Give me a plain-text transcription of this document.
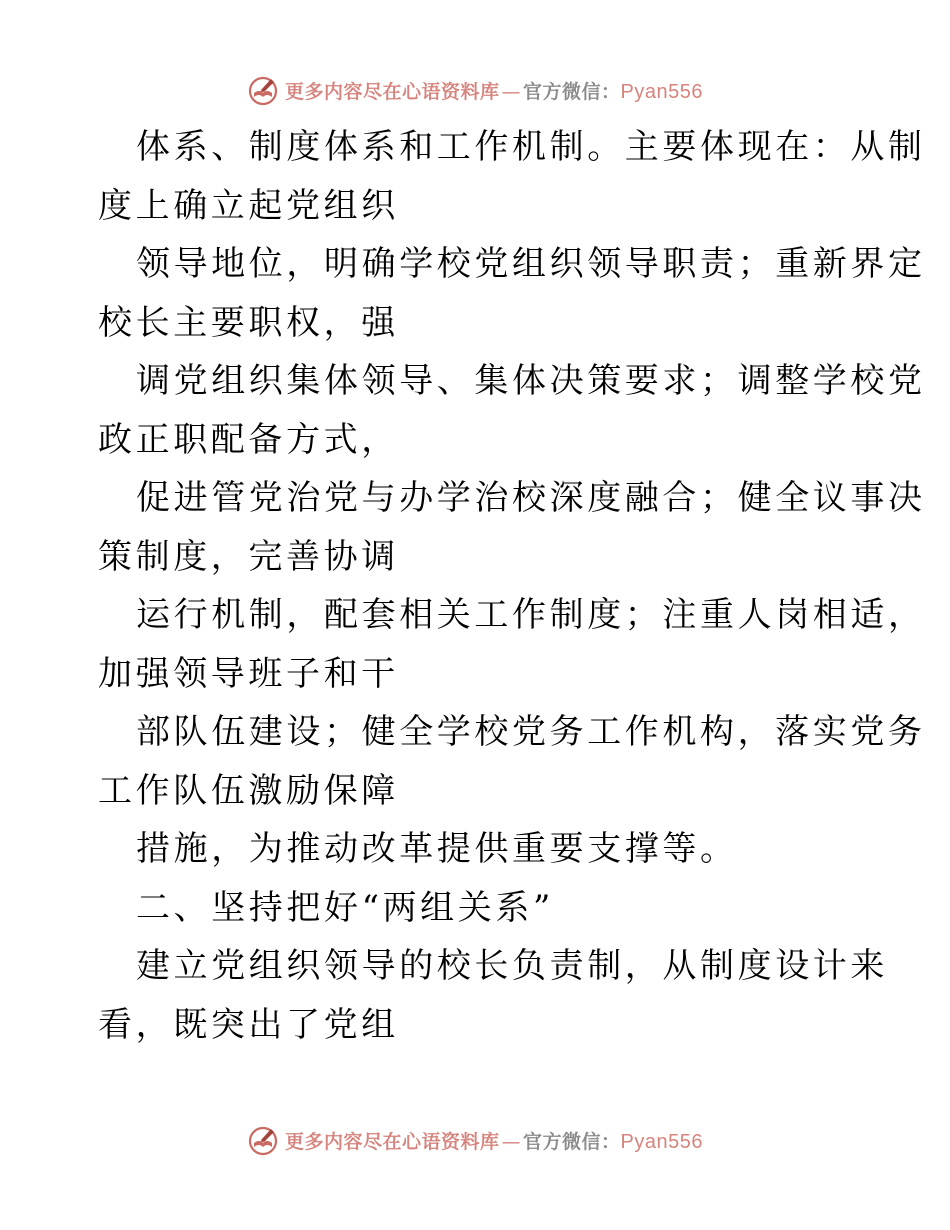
更多内容尽在心语资料库 — 官方微信：Pyan556
体系、制度体系和工作机制。主要体现在：从制
度上确立起党组织
领导地位，明确学校党组织领导职责；重新界定
校长主要职权，强
调党组织集体领导、集体决策要求；调整学校党
政正职配备方式，
促进管党治党与办学治校深度融合；健全议事决
策制度，完善协调
运行机制，配套相关工作制度；注重人岗相适，
加强领导班子和干
部队伍建设；健全学校党务工作机构，落实党务
工作队伍激励保障
措施，为推动改革提供重要支撑等。
二、坚持把好“两组关系”
建立党组织领导的校长负责制，从制度设计来
看，既突出了党组
更多内容尽在心语资料库 — 官方微信：Pyan556
